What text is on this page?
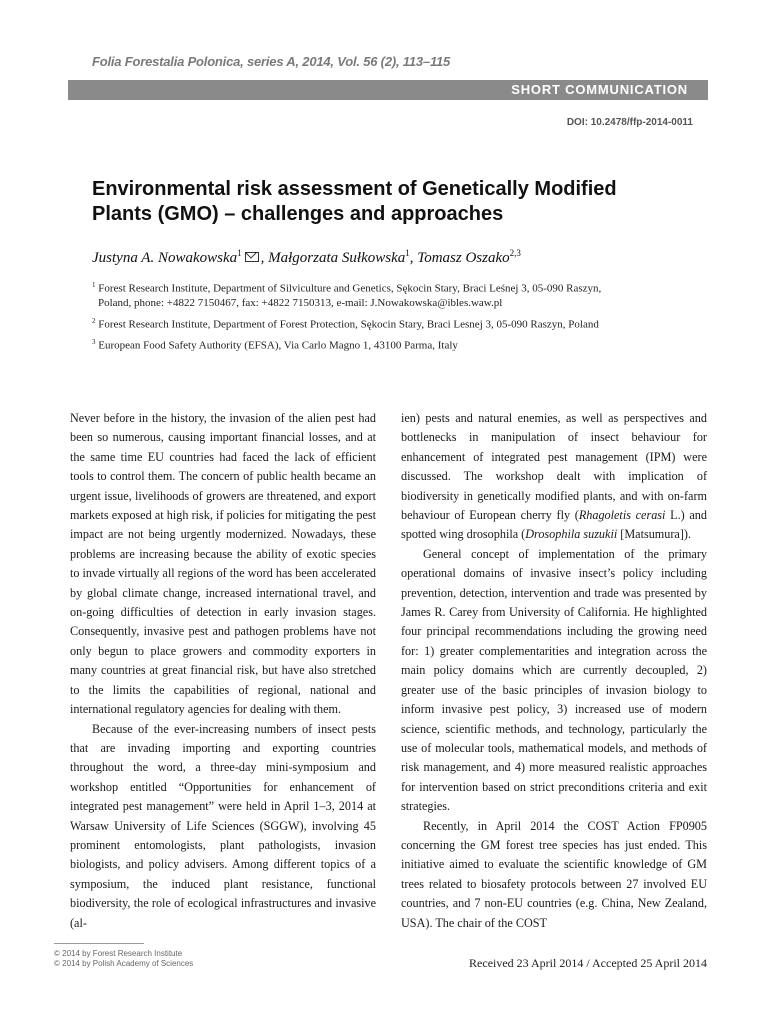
Folia Forestalia Polonica, series A, 2014, Vol. 56 (2), 113–115
SHORT COMMUNICATION
DOI: 10.2478/ffp-2014-0011
Environmental risk assessment of Genetically Modified
Plants (GMO) – challenges and approaches
Justyna A. Nowakowska$^1$ , Małgorzata Sułkowska$^1$, Tomasz Oszako$^{2,3}$
$^1$ Forest Research Institute, Department of Silviculture and Genetics, Sękocin Stary, Braci Leśnej 3, 05-090 Raszyn,
Poland, phone: +4822 7150467, fax: +4822 7150313, e-mail: J.Nowakowska@ibles.waw.pl
$^2$ Forest Research Institute, Department of Forest Protection, Sękocin Stary, Braci Lesnej 3, 05-090 Raszyn, Poland
$^3$ European Food Safety Authority (EFSA), Via Carlo Magno 1, 43100 Parma, Italy

Never before in the history, the invasion of the alien pest had been so numerous, causing important financial losses, and at the same time EU countries had faced the lack of efficient tools to control them. The concern of public health became an urgent issue, livelihoods of growers are threatened, and export markets exposed at high risk, if policies for mitigating the pest impact are not being urgently modernized. Nowadays, these problems are increasing because the ability of exotic species to invade virtually all regions of the word has been accelerated by global climate change, increased international travel, and on-going difficulties of detection in early invasion stages. Consequently, invasive pest and pathogen problems have not only begun to place growers and commodity exporters in many countries at great financial risk, but have also stretched to the limits the capabilities of regional, national and international regulatory agencies for dealing with them.

Because of the ever-increasing numbers of insect pests that are invading importing and exporting countries throughout the word, a three-day mini-symposium and workshop entitled “Opportunities for enhancement of integrated pest management” were held in April 1–3, 2014 at Warsaw University of Life Sciences (SGGW), involving 45 prominent entomologists, plant pathologists, invasion biologists, and policy advisers. Among different topics of a symposium, the induced plant resistance, functional biodiversity, the role of ecological infrastructures and invasive (al-

ien) pests and natural enemies, as well as perspectives and bottlenecks in manipulation of insect behaviour for enhancement of integrated pest management (IPM) were discussed. The workshop dealt with implication of biodiversity in genetically modified plants, and with on-farm behaviour of European cherry fly (Rhagoletis cerasi L.) and spotted wing drosophila (Drosophila suzukii [Matsumura]).

General concept of implementation of the primary operational domains of invasive insect’s policy including prevention, detection, intervention and trade was presented by James R. Carey from University of California. He highlighted four principal recommendations including the growing need for: 1) greater complementarities and integration across the main policy domains which are currently decoupled, 2) greater use of the basic principles of invasion biology to inform invasive pest policy, 3) increased use of modern science, scientific methods, and technology, particularly the use of molecular tools, mathematical models, and methods of risk management, and 4) more measured realistic approaches for intervention based on strict preconditions criteria and exit strategies.

Recently, in April 2014 the COST Action FP0905 concerning the GM forest tree species has just ended. This initiative aimed to evaluate the scientific knowledge of GM trees related to biosafety protocols between 27 involved EU countries, and 7 non-EU countries (e.g. China, New Zealand, USA). The chair of the COST

© 2014 by Forest Research Institute
© 2014 by Polish Academy of Sciences	Received 23 April 2014 / Accepted 25 April 2014
